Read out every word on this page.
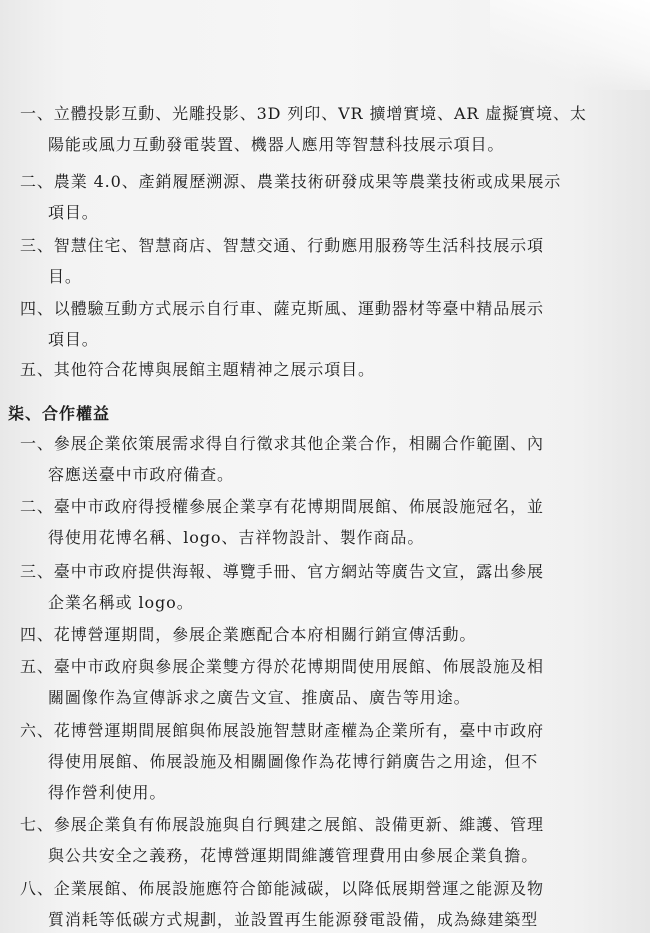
一、立體投影互動、光雕投影、3D 列印、VR 擴增實境、AR 虛擬實境、太
陽能或風力互動發電裝置、機器人應用等智慧科技展示項目。
二、農業 4.0、產銷履歷溯源、農業技術研發成果等農業技術或成果展示
項目。
三、智慧住宅、智慧商店、智慧交通、行動應用服務等生活科技展示項
目。
四、以體驗互動方式展示自行車、薩克斯風、運動器材等臺中精品展示
項目。
五、其他符合花博與展館主題精神之展示項目。
柒、合作權益
一、參展企業依策展需求得自行徵求其他企業合作，相關合作範圍、內
容應送臺中市政府備查。
二、臺中市政府得授權參展企業享有花博期間展館、佈展設施冠名，並
得使用花博名稱、logo、吉祥物設計、製作商品。
三、臺中市政府提供海報、導覽手冊、官方網站等廣告文宣，露出參展
企業名稱或 logo。
四、花博營運期間，參展企業應配合本府相關行銷宣傳活動。
五、臺中市政府與參展企業雙方得於花博期間使用展館、佈展設施及相
關圖像作為宣傳訴求之廣告文宣、推廣品、廣告等用途。
六、花博營運期間展館與佈展設施智慧財產權為企業所有，臺中市政府
得使用展館、佈展設施及相關圖像作為花博行銷廣告之用途，但不
得作營利使用。
七、參展企業負有佈展設施與自行興建之展館、設備更新、維護、管理
與公共安全之義務，花博營運期間維護管理費用由參展企業負擔。
八、企業展館、佈展設施應符合節能減碳，以降低展期營運之能源及物
質消耗等低碳方式規劃，並設置再生能源發電設備，成為綠建築型
